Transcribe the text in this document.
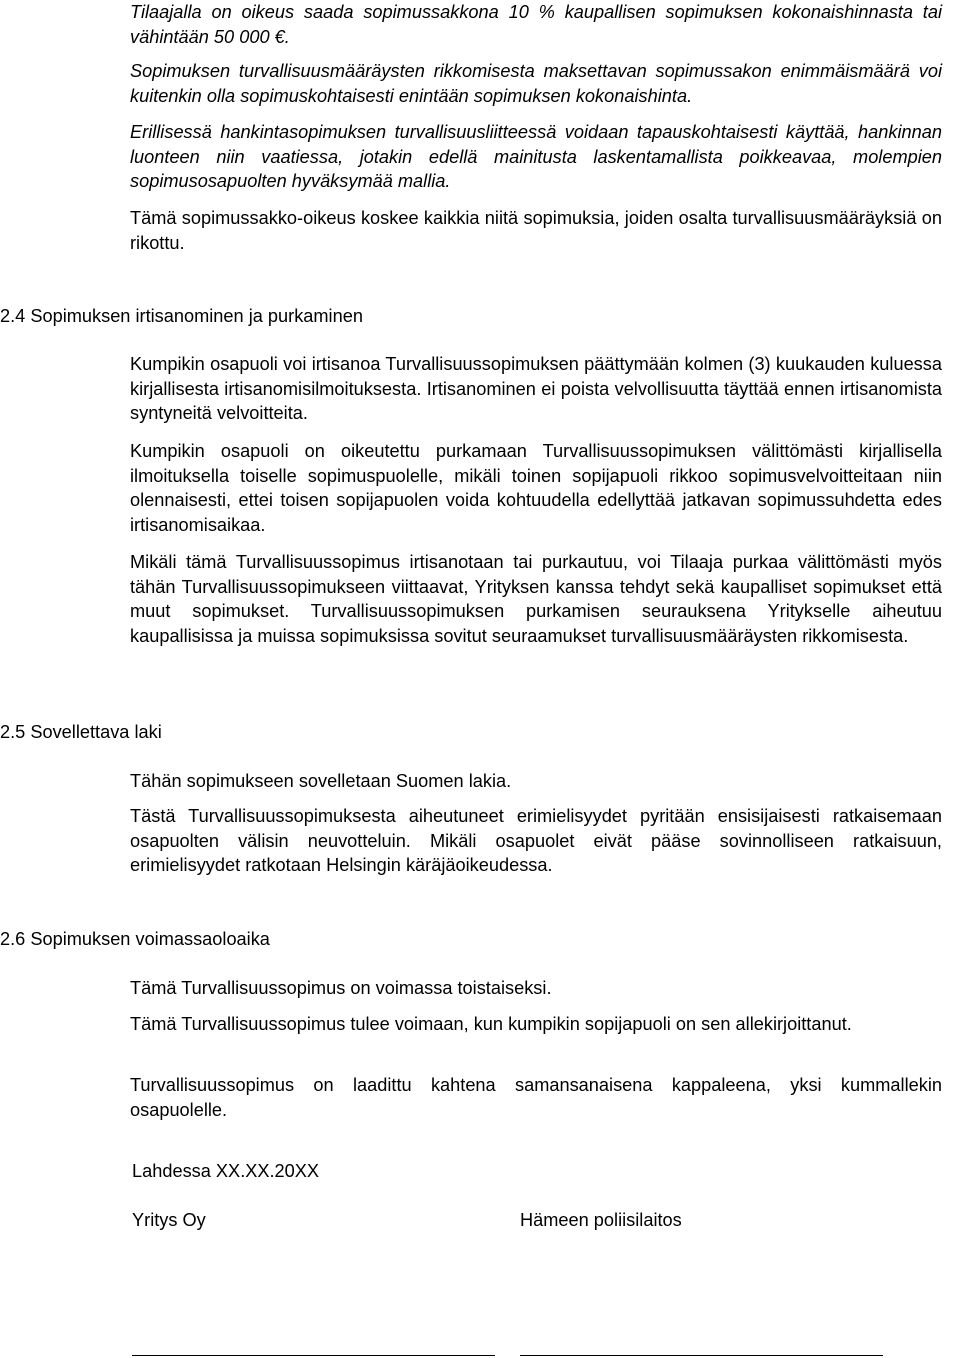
Tilaajalla on oikeus saada sopimussakkona 10 % kaupallisen sopimuksen kokonaishinnasta tai vähintään 50 000 €.

Sopimuksen turvallisuusmääräysten rikkomisesta maksettavan sopimussakon enimmäismäärä voi kuitenkin olla sopimuskohtaisesti enintään sopimuksen kokonaishinta.

Erillisessä hankintasopimuksen turvallisuusliitteessä voidaan tapauskohtaisesti käyttää, hankinnan luonteen niin vaatiessa, jotakin edellä mainitusta laskentamallista poikkeavaa, molempien sopimusosapuolten hyväksymää mallia.

Tämä sopimussakko-oikeus koskee kaikkia niitä sopimuksia, joiden osalta turvallisuusmääräyksiä on rikottu.

2.4 Sopimuksen irtisanominen ja purkaminen

Kumpikin osapuoli voi irtisanoa Turvallisuussopimuksen päättymään kolmen (3) kuukauden kuluessa kirjallisesta irtisanomisilmoituksesta. Irtisanominen ei poista velvollisuutta täyttää ennen irtisanomista syntyneitä velvoitteita.

Kumpikin osapuoli on oikeutettu purkamaan Turvallisuussopimuksen välittömästi kirjallisella ilmoituksella toiselle sopimuspuolelle, mikäli toinen sopijapuoli rikkoo sopimusvelvoitteitaan niin olennaisesti, ettei toisen sopijapuolen voida kohtuudella edellyttää jatkavan sopimussuhdetta edes irtisanomisaikaa.

Mikäli tämä Turvallisuussopimus irtisanotaan tai purkautuu, voi Tilaaja purkaa välittömästi myös tähän Turvallisuussopimukseen viittaavat, Yrityksen kanssa tehdyt sekä kaupalliset sopimukset että muut sopimukset. Turvallisuussopimuksen purkamisen seurauksena Yritykselle aiheutuu kaupallisissa ja muissa sopimuksissa sovitut seuraamukset turvallisuusmääräysten rikkomisesta.

2.5 Sovellettava laki

Tähän sopimukseen sovelletaan Suomen lakia.

Tästä Turvallisuussopimuksesta aiheutuneet erimielisyydet pyritään ensisijaisesti ratkaisemaan osapuolten välisin neuvotteluin. Mikäli osapuolet eivät pääse sovinnolliseen ratkaisuun, erimielisyydet ratkotaan Helsingin käräjäoikeudessa.

2.6 Sopimuksen voimassaoloaika

Tämä Turvallisuussopimus on voimassa toistaiseksi.

Tämä Turvallisuussopimus tulee voimaan, kun kumpikin sopijapuoli on sen allekirjoittanut.

Turvallisuussopimus on laadittu kahtena samansanaisena kappaleena, yksi kummallekin osapuolelle.

Lahdessa XX.XX.20XX

Yritys Oy	Hämeen poliisilaitos
